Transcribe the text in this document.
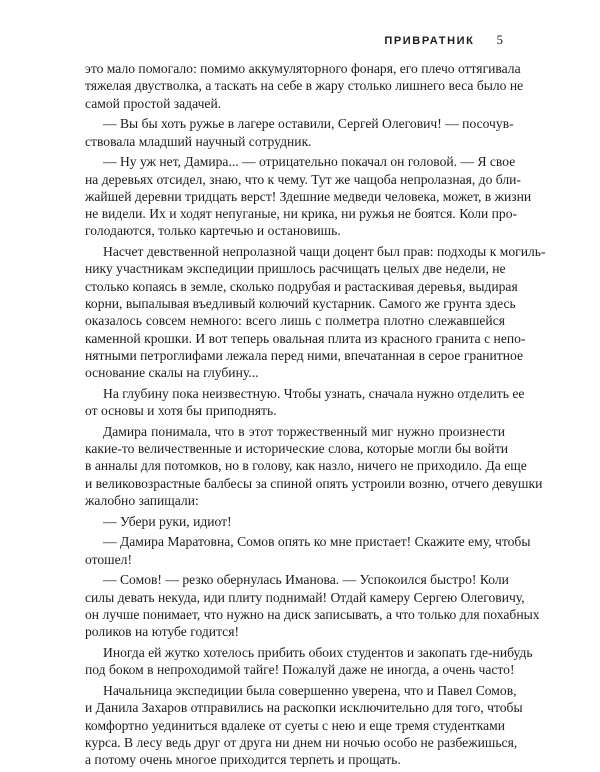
ПРИВРАТНИК 5
это мало помогало: помимо аккумуляторного фонаря, его плечо оттягивала
тяжелая двустволка, а таскать на себе в жару столько лишнего веса было не
самой простой задачей.
— Вы бы хоть ружье в лагере оставили, Сергей Олегович! — посочув-
ствовала младший научный сотрудник.
— Ну уж нет, Дамира... — отрицательно покачал он головой. — Я свое
на деревьях отсидел, знаю, что к чему. Тут же чащоба непролазная, до бли-
жайшей деревни тридцать верст! Здешние медведи человека, может, в жизни
не видели. Их и ходят непуганые, ни крика, ни ружья не боятся. Коли про-
голодаются, только картечью и остановишь.
Насчет девственной непролазной чащи доцент был прав: подходы к могиль-
нику участникам экспедиции пришлось расчищать целых две недели, не
столько копаясь в земле, сколько подрубая и растаскивая деревья, выдирая
корни, выпалывая въедливый колючий кустарник. Самого же грунта здесь
оказалось совсем немного: всего лишь с полметра плотно слежавшейся
каменной крошки. И вот теперь овальная плита из красного гранита с непо-
нятными петроглифами лежала перед ними, впечатанная в серое гранитное
основание скалы на глубину...
На глубину пока неизвестную. Чтобы узнать, сначала нужно отделить ее
от основы и хотя бы приподнять.
Дамира понимала, что в этот торжественный миг нужно произнести
какие-то величественные и исторические слова, которые могли бы войти
в анналы для потомков, но в голову, как назло, ничего не приходило. Да еще
и великовозрастные балбесы за спиной опять устроили возню, отчего девушки
жалобно запищали:
— Убери руки, идиот!
— Дамира Маратовна, Сомов опять ко мне пристает! Скажите ему, чтобы
отошел!
— Сомов! — резко обернулась Иманова. — Успокоился быстро! Коли
силы девать некуда, иди плиту поднимай! Отдай камеру Сергею Олеговичу,
он лучше понимает, что нужно на диск записывать, а что только для похабных
роликов на ютубе годится!
Иногда ей жутко хотелось прибить обоих студентов и закопать где-нибудь
под боком в непроходимой тайге! Пожалуй даже не иногда, а очень часто!
Начальница экспедиции была совершенно уверена, что и Павел Сомов,
и Данила Захаров отправились на раскопки исключительно для того, чтобы
комфортно уединиться вдалеке от суеты с нею и еще тремя студентками
курса. В лесу ведь друг от друга ни днем ни ночью особо не разбежишься,
а потому очень многое приходится терпеть и прощать.
